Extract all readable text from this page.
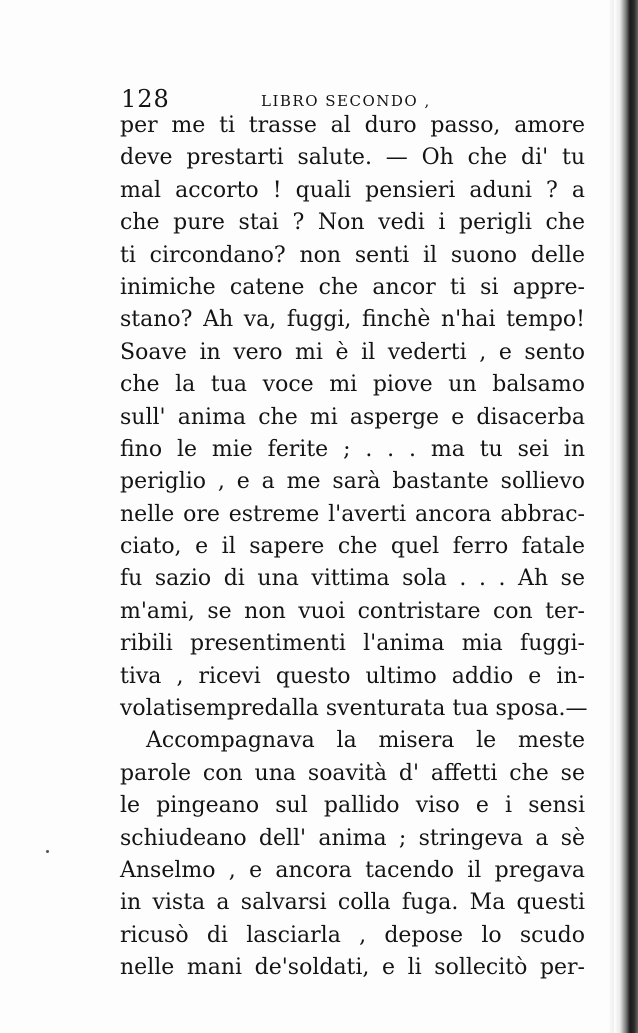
128	LIBRO SECONDO ,
per me ti trasse al duro passo, amore
deve prestarti salute. — Oh che di' tu
mal accorto ! quali pensieri aduni ? a
che pure stai ? Non vedi i perigli che
ti circondano? non senti il suono delle
inimiche catene che ancor ti si appre-
stano? Ah va, fuggi, finchè n'hai tempo!
Soave in vero mi è il vederti , e sento
che la tua voce mi piove un balsamo
sull' anima che mi asperge e disacerba
fino le mie ferite ; . . . ma tu sei in
periglio , e a me sarà bastante sollievo
nelle ore estreme l'averti ancora abbrac-
ciato, e il sapere che quel ferro fatale
fu sazio di una vittima sola . . . Ah se
m'ami, se non vuoi contristare con ter-
ribili presentimenti l'anima mia fuggi-
tiva , ricevi questo ultimo addio e in-
volatisempredalla sventurata tua sposa.—
Accompagnava la misera le meste
parole con una soavità d' affetti che se
le pingeano sul pallido viso e i sensi
schiudeano dell' anima ; stringeva a sè
Anselmo , e ancora tacendo il pregava
in vista a salvarsi colla fuga. Ma questi
ricusò di lasciarla , depose lo scudo
nelle mani de'soldati, e li sollecitò per-
